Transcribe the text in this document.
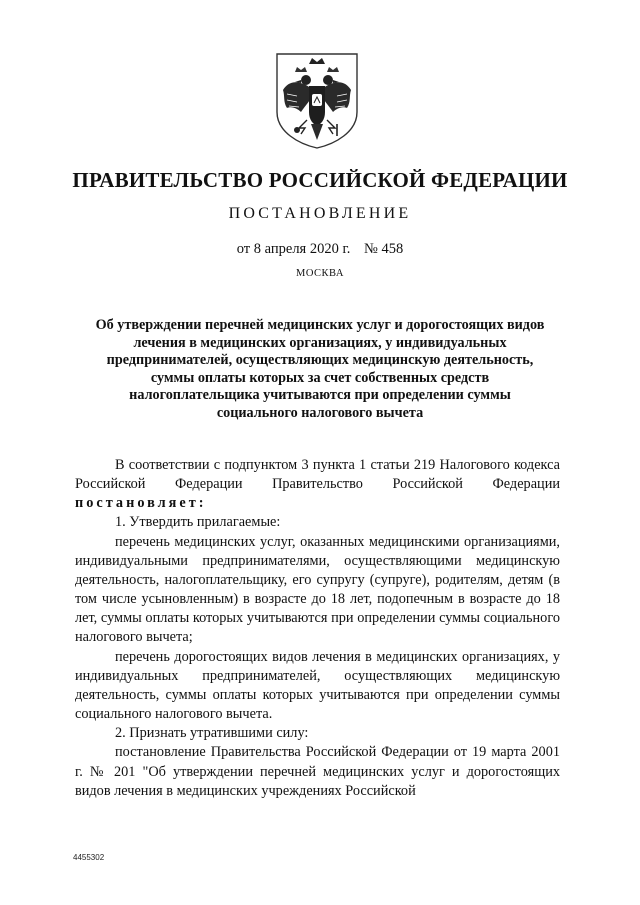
ПРАВИТЕЛЬСТВО РОССИЙСКОЙ ФЕДЕРАЦИИ
ПОСТАНОВЛЕНИЕ
от 8 апреля 2020 г. № 458
МОСКВА
Об утверждении перечней медицинских услуг и дорогостоящих видов лечения в медицинских организациях, у индивидуальных предпринимателей, осуществляющих медицинскую деятельность, суммы оплаты которых за счет собственных средств налогоплательщика учитываются при определении суммы социального налогового вычета

В соответствии с подпунктом 3 пункта 1 статьи 219 Налогового кодекса Российской Федерации Правительство Российской Федерации постановляет:

1. Утвердить прилагаемые:

перечень медицинских услуг, оказанных медицинскими организациями, индивидуальными предпринимателями, осуществляющими медицинскую деятельность, налогоплательщику, его супругу (супруге), родителям, детям (в том числе усыновленным) в возрасте до 18 лет, подопечным в возрасте до 18 лет, суммы оплаты которых учитываются при определении суммы социального налогового вычета;

перечень дорогостоящих видов лечения в медицинских организациях, у индивидуальных предпринимателей, осуществляющих медицинскую деятельность, суммы оплаты которых учитываются при определении суммы социального налогового вычета.

2. Признать утратившими силу:

постановление Правительства Российской Федерации от 19 марта 2001 г. № 201 "Об утверждении перечней медицинских услуг и дорогостоящих видов лечения в медицинских учреждениях Российской

4455302
